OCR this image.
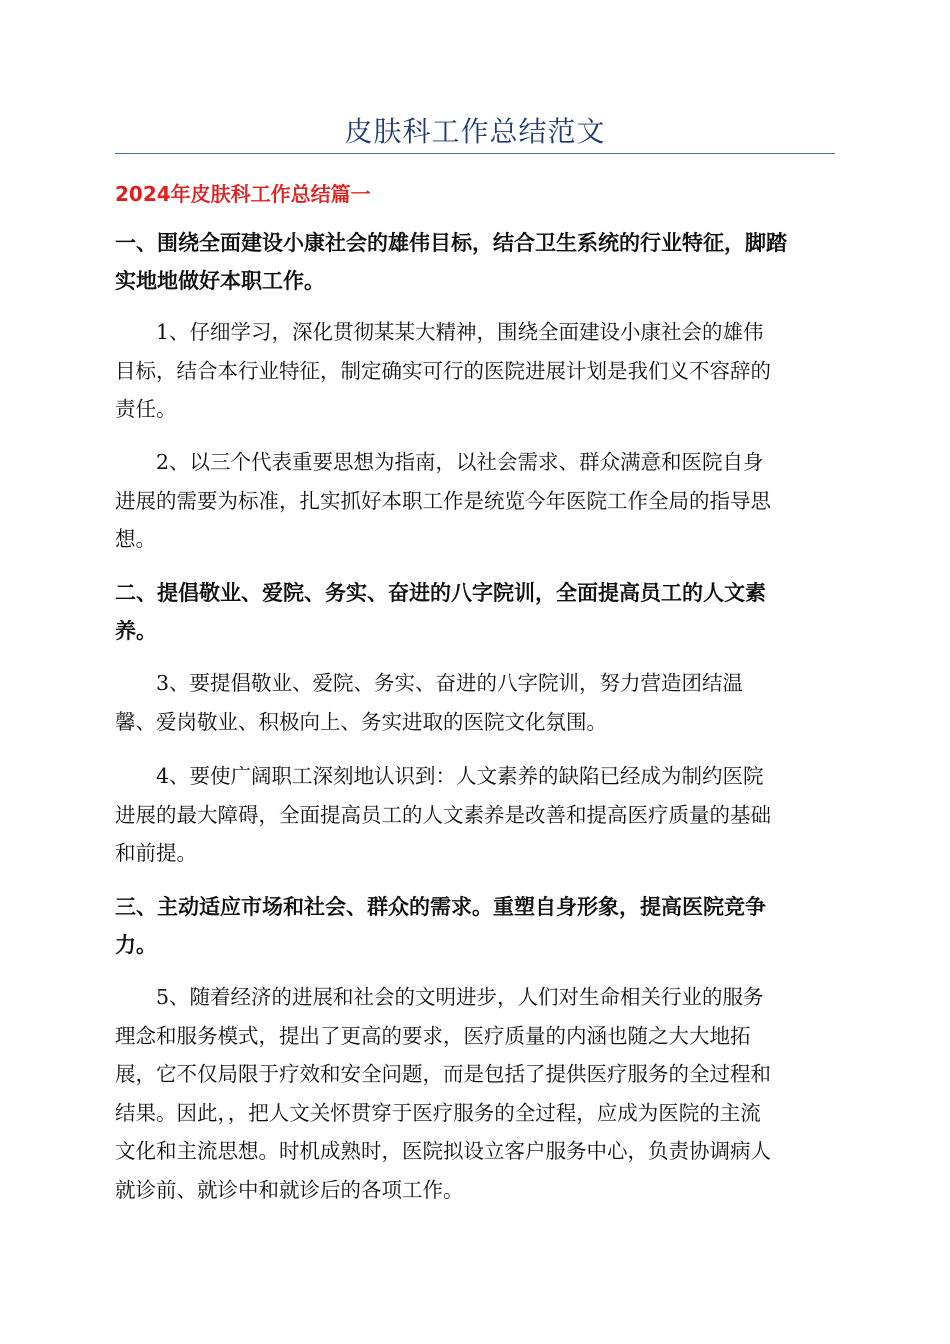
皮肤科工作总结范文
2024年皮肤科工作总结篇一
一、围绕全面建设小康社会的雄伟目标，结合卫生系统的行业特征，脚踏
实地地做好本职工作。
1、仔细学习，深化贯彻某某大精神，围绕全面建设小康社会的雄伟
目标，结合本行业特征，制定确实可行的医院进展计划是我们义不容辞的
责任。
2、以三个代表重要思想为指南，以社会需求、群众满意和医院自身
进展的需要为标准，扎实抓好本职工作是统览今年医院工作全局的指导思
想。
二、提倡敬业、爱院、务实、奋进的八字院训，全面提高员工的人文素
养。
3、要提倡敬业、爱院、务实、奋进的八字院训，努力营造团结温
馨、爱岗敬业、积极向上、务实进取的医院文化氛围。
4、要使广阔职工深刻地认识到：人文素养的缺陷已经成为制约医院
进展的最大障碍，全面提高员工的人文素养是改善和提高医疗质量的基础
和前提。
三、主动适应市场和社会、群众的需求。重塑自身形象，提高医院竞争
力。
5、随着经济的进展和社会的文明进步，人们对生命相关行业的服务
理念和服务模式，提出了更高的要求，医疗质量的内涵也随之大大地拓
展，它不仅局限于疗效和安全问题，而是包括了提供医疗服务的全过程和
结果。因此，，把人文关怀贯穿于医疗服务的全过程，应成为医院的主流
文化和主流思想。时机成熟时，医院拟设立客户服务中心，负责协调病人
就诊前、就诊中和就诊后的各项工作。
